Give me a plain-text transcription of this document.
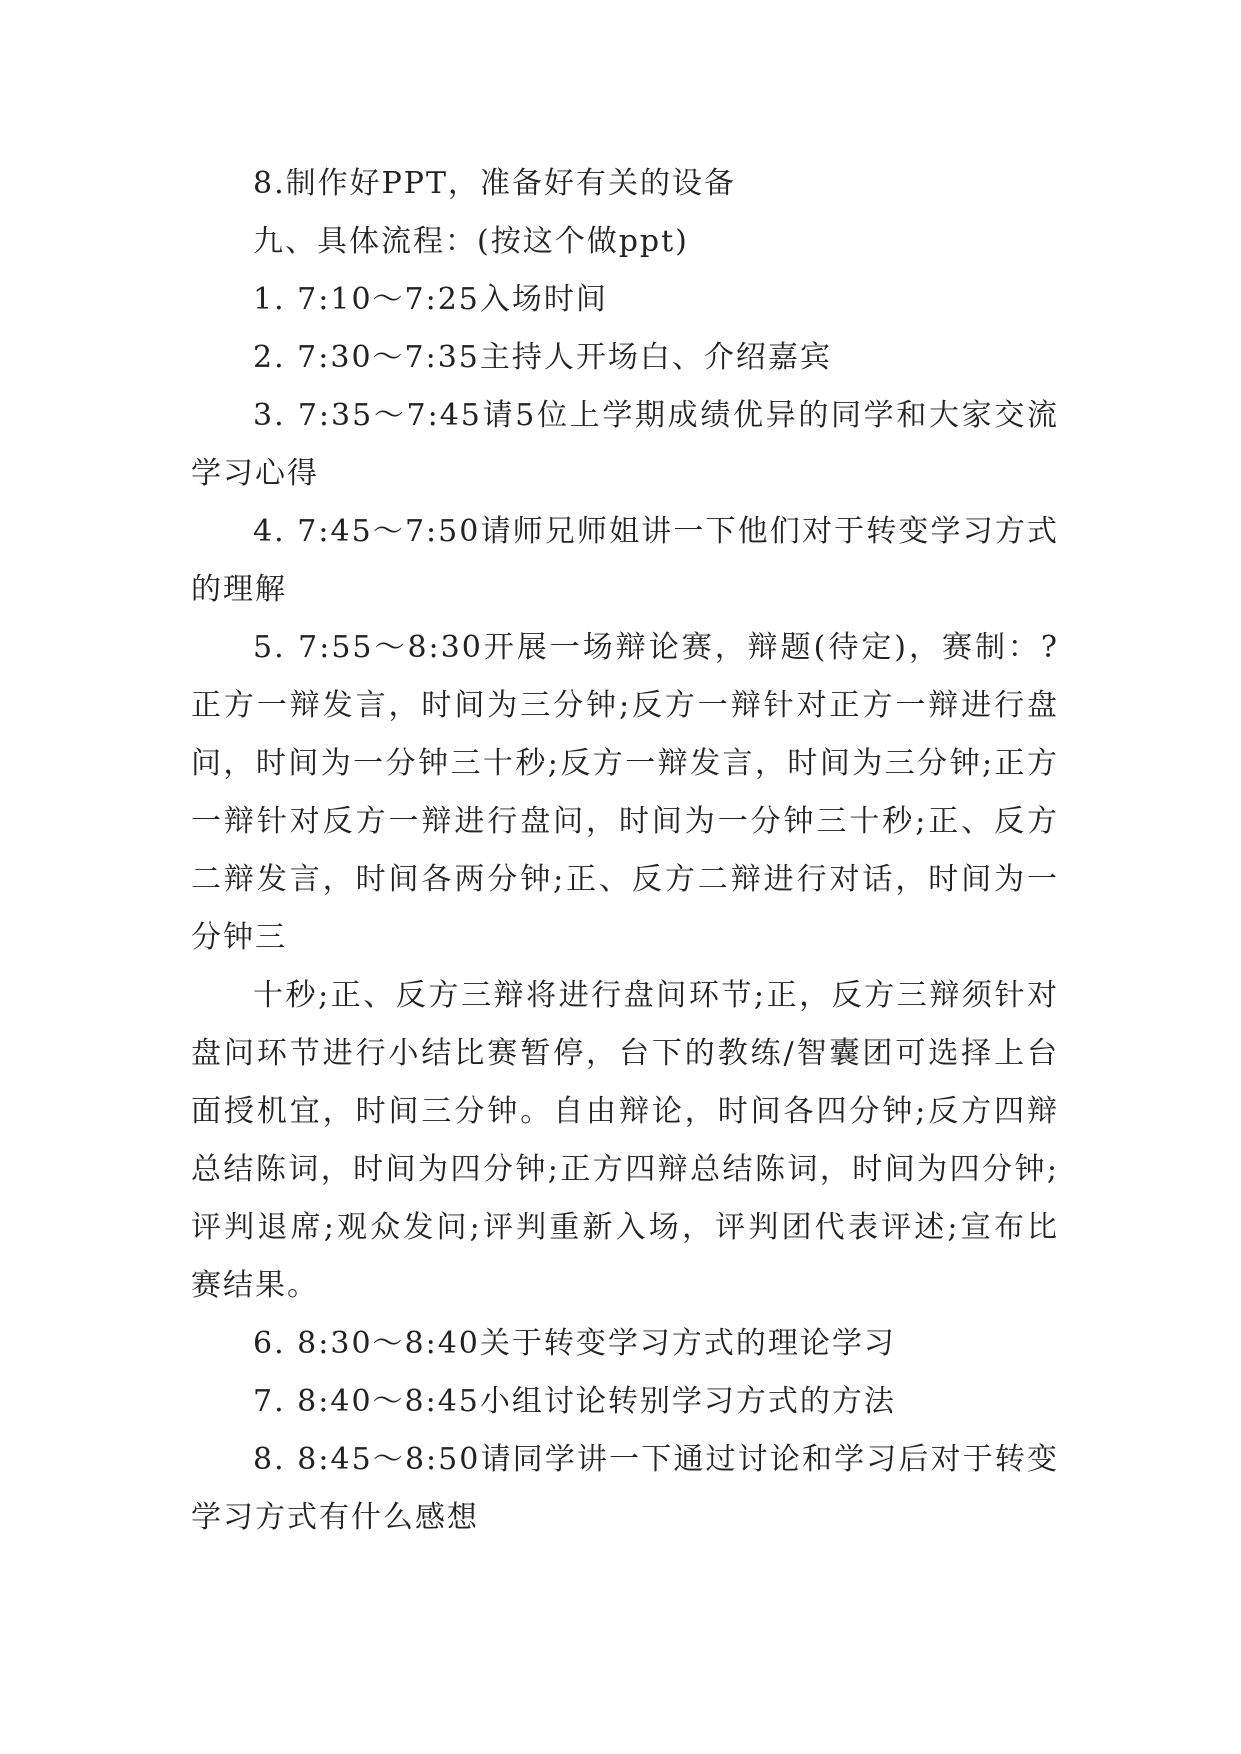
8.制作好PPT，准备好有关的设备

九、具体流程：(按这个做ppt)

1. 7:10～7:25入场时间

2. 7:30～7:35主持人开场白、介绍嘉宾

3. 7:35～7:45请5位上学期成绩优异的同学和大家交流学习心得

4. 7:45～7:50请师兄师姐讲一下他们对于转变学习方式的理解

5. 7:55～8:30开展一场辩论赛，辩题(待定)，赛制：?正方一辩发言，时间为三分钟;反方一辩针对正方一辩进行盘问，时间为一分钟三十秒;反方一辩发言，时间为三分钟;正方一辩针对反方一辩进行盘问，时间为一分钟三十秒;正、反方二辩发言，时间各两分钟;正、反方二辩进行对话，时间为一分钟三

十秒;正、反方三辩将进行盘问环节;正，反方三辩须针对盘问环节进行小结比赛暂停，台下的教练/智囊团可选择上台面授机宜，时间三分钟。自由辩论，时间各四分钟;反方四辩总结陈词，时间为四分钟;正方四辩总结陈词，时间为四分钟;评判退席;观众发问;评判重新入场，评判团代表评述;宣布比赛结果。

6. 8:30～8:40关于转变学习方式的理论学习

7. 8:40～8:45小组讨论转别学习方式的方法

8. 8:45～8:50请同学讲一下通过讨论和学习后对于转变学习方式有什么感想
